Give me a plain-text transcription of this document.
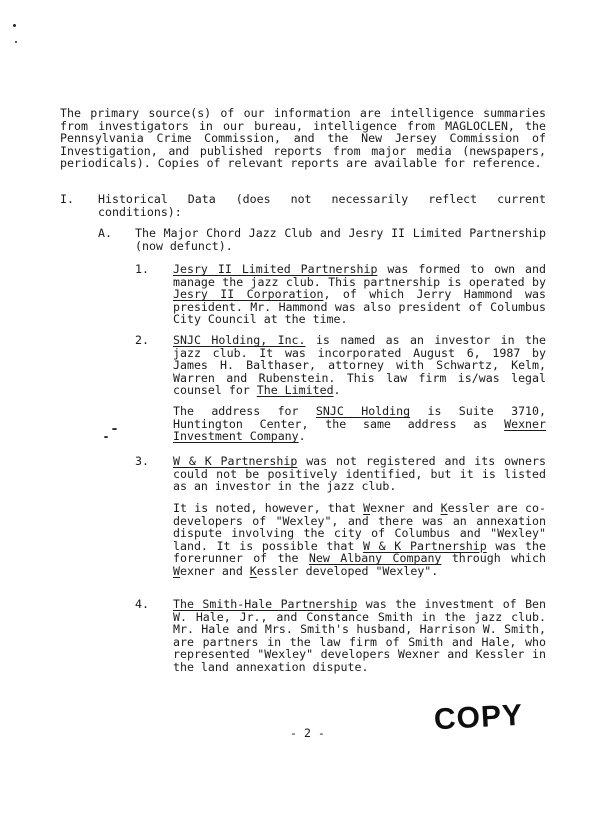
The primary source(s) of our information are intelligence summaries from investigators in our bureau, intelligence from MAGLOCLEN, the Pennsylvania Crime Commission, and the New Jersey Commission of Investigation, and published reports from major media (newspapers, periodicals). Copies of relevant reports are available for reference.
I. Historical Data (does not necessarily reflect current conditions):
A. The Major Chord Jazz Club and Jesry II Limited Partnership (now defunct).
1. Jesry II Limited Partnership was formed to own and manage the jazz club. This partnership is operated by Jesry II Corporation, of which Jerry Hammond was president. Mr. Hammond was also president of Columbus City Council at the time.
2. SNJC Holding, Inc. is named as an investor in the jazz club. It was incorporated August 6, 1987 by James H. Balthaser, attorney with Schwartz, Kelm, Warren and Rubenstein. This law firm is/was legal counsel for The Limited.
The address for SNJC Holding is Suite 3710, Huntington Center, the same address as Wexner Investment Company.
3. W & K Partnership was not registered and its owners could not be positively identified, but it is listed as an investor in the jazz club.
It is noted, however, that Wexner and Kessler are co-developers of "Wexley", and there was an annexation dispute involving the city of Columbus and "Wexley" land. It is possible that W & K Partnership was the forerunner of the New Albany Company through which Wexner and Kessler developed "Wexley".
4. The Smith-Hale Partnership was the investment of Ben W. Hale, Jr., and Constance Smith in the jazz club. Mr. Hale and Mrs. Smith's husband, Harrison W. Smith, are partners in the law firm of Smith and Hale, who represented "Wexley" developers Wexner and Kessler in the land annexation dispute.
- 2 -	COPY
